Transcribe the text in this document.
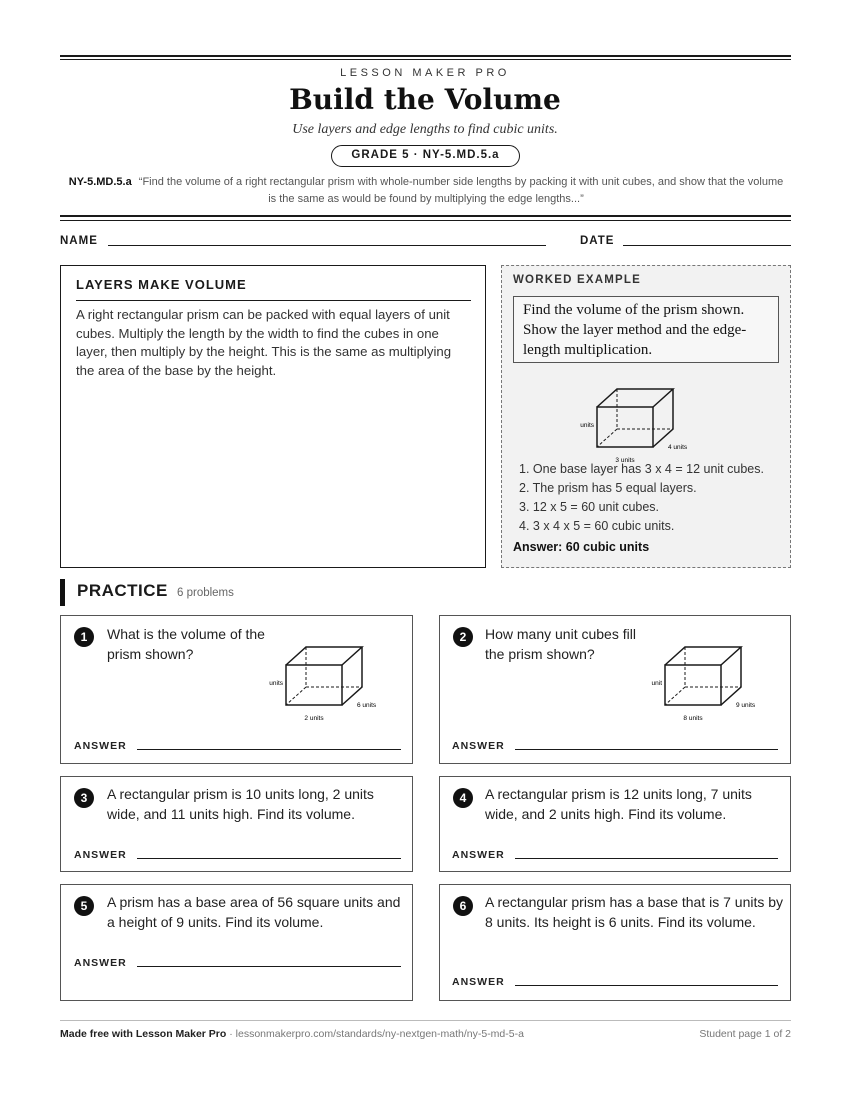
LESSON MAKER PRO
Build the Volume
Use layers and edge lengths to find cubic units.
GRADE 5 · NY-5.MD.5.a
NY-5.MD.5.a “Find the volume of a right rectangular prism with whole-number side lengths by packing it with unit cubes, and show that the volume is the same as would be found by multiplying the edge lengths...”
NAME	DATE
LAYERS MAKE VOLUME
A right rectangular prism can be packed with equal layers of unit cubes. Multiply the length by the width to find the cubes in one layer, then multiply by the height. This is the same as multiplying the area of the base by the height.
WORKED EXAMPLE
Find the volume of the prism shown. Show the layer method and the edge-length multiplication.
units
4 units
3 units
1. One base layer has 3 x 4 = 12 unit cubes.
2. The prism has 5 equal layers.
3. 12 x 5 = 60 unit cubes.
4. 3 x 4 x 5 = 60 cubic units.
Answer: 60 cubic units
PRACTICE 6 problems
1	What is the volume of the prism shown?
units
6 units
2 units
ANSWER
2	How many unit cubes fill the prism shown?
unit
9 units
8 units
ANSWER
3	A rectangular prism is 10 units long, 2 units wide, and 11 units high. Find its volume.
ANSWER
4	A rectangular prism is 12 units long, 7 units wide, and 2 units high. Find its volume.
ANSWER
5	A prism has a base area of 56 square units and a height of 9 units. Find its volume.
ANSWER
6	A rectangular prism has a base that is 7 units by 8 units. Its height is 6 units. Find its volume.
ANSWER
Made free with Lesson Maker Pro · lessonmakerpro.com/standards/ny-nextgen-math/ny-5-md-5-a	Student page 1 of 2
